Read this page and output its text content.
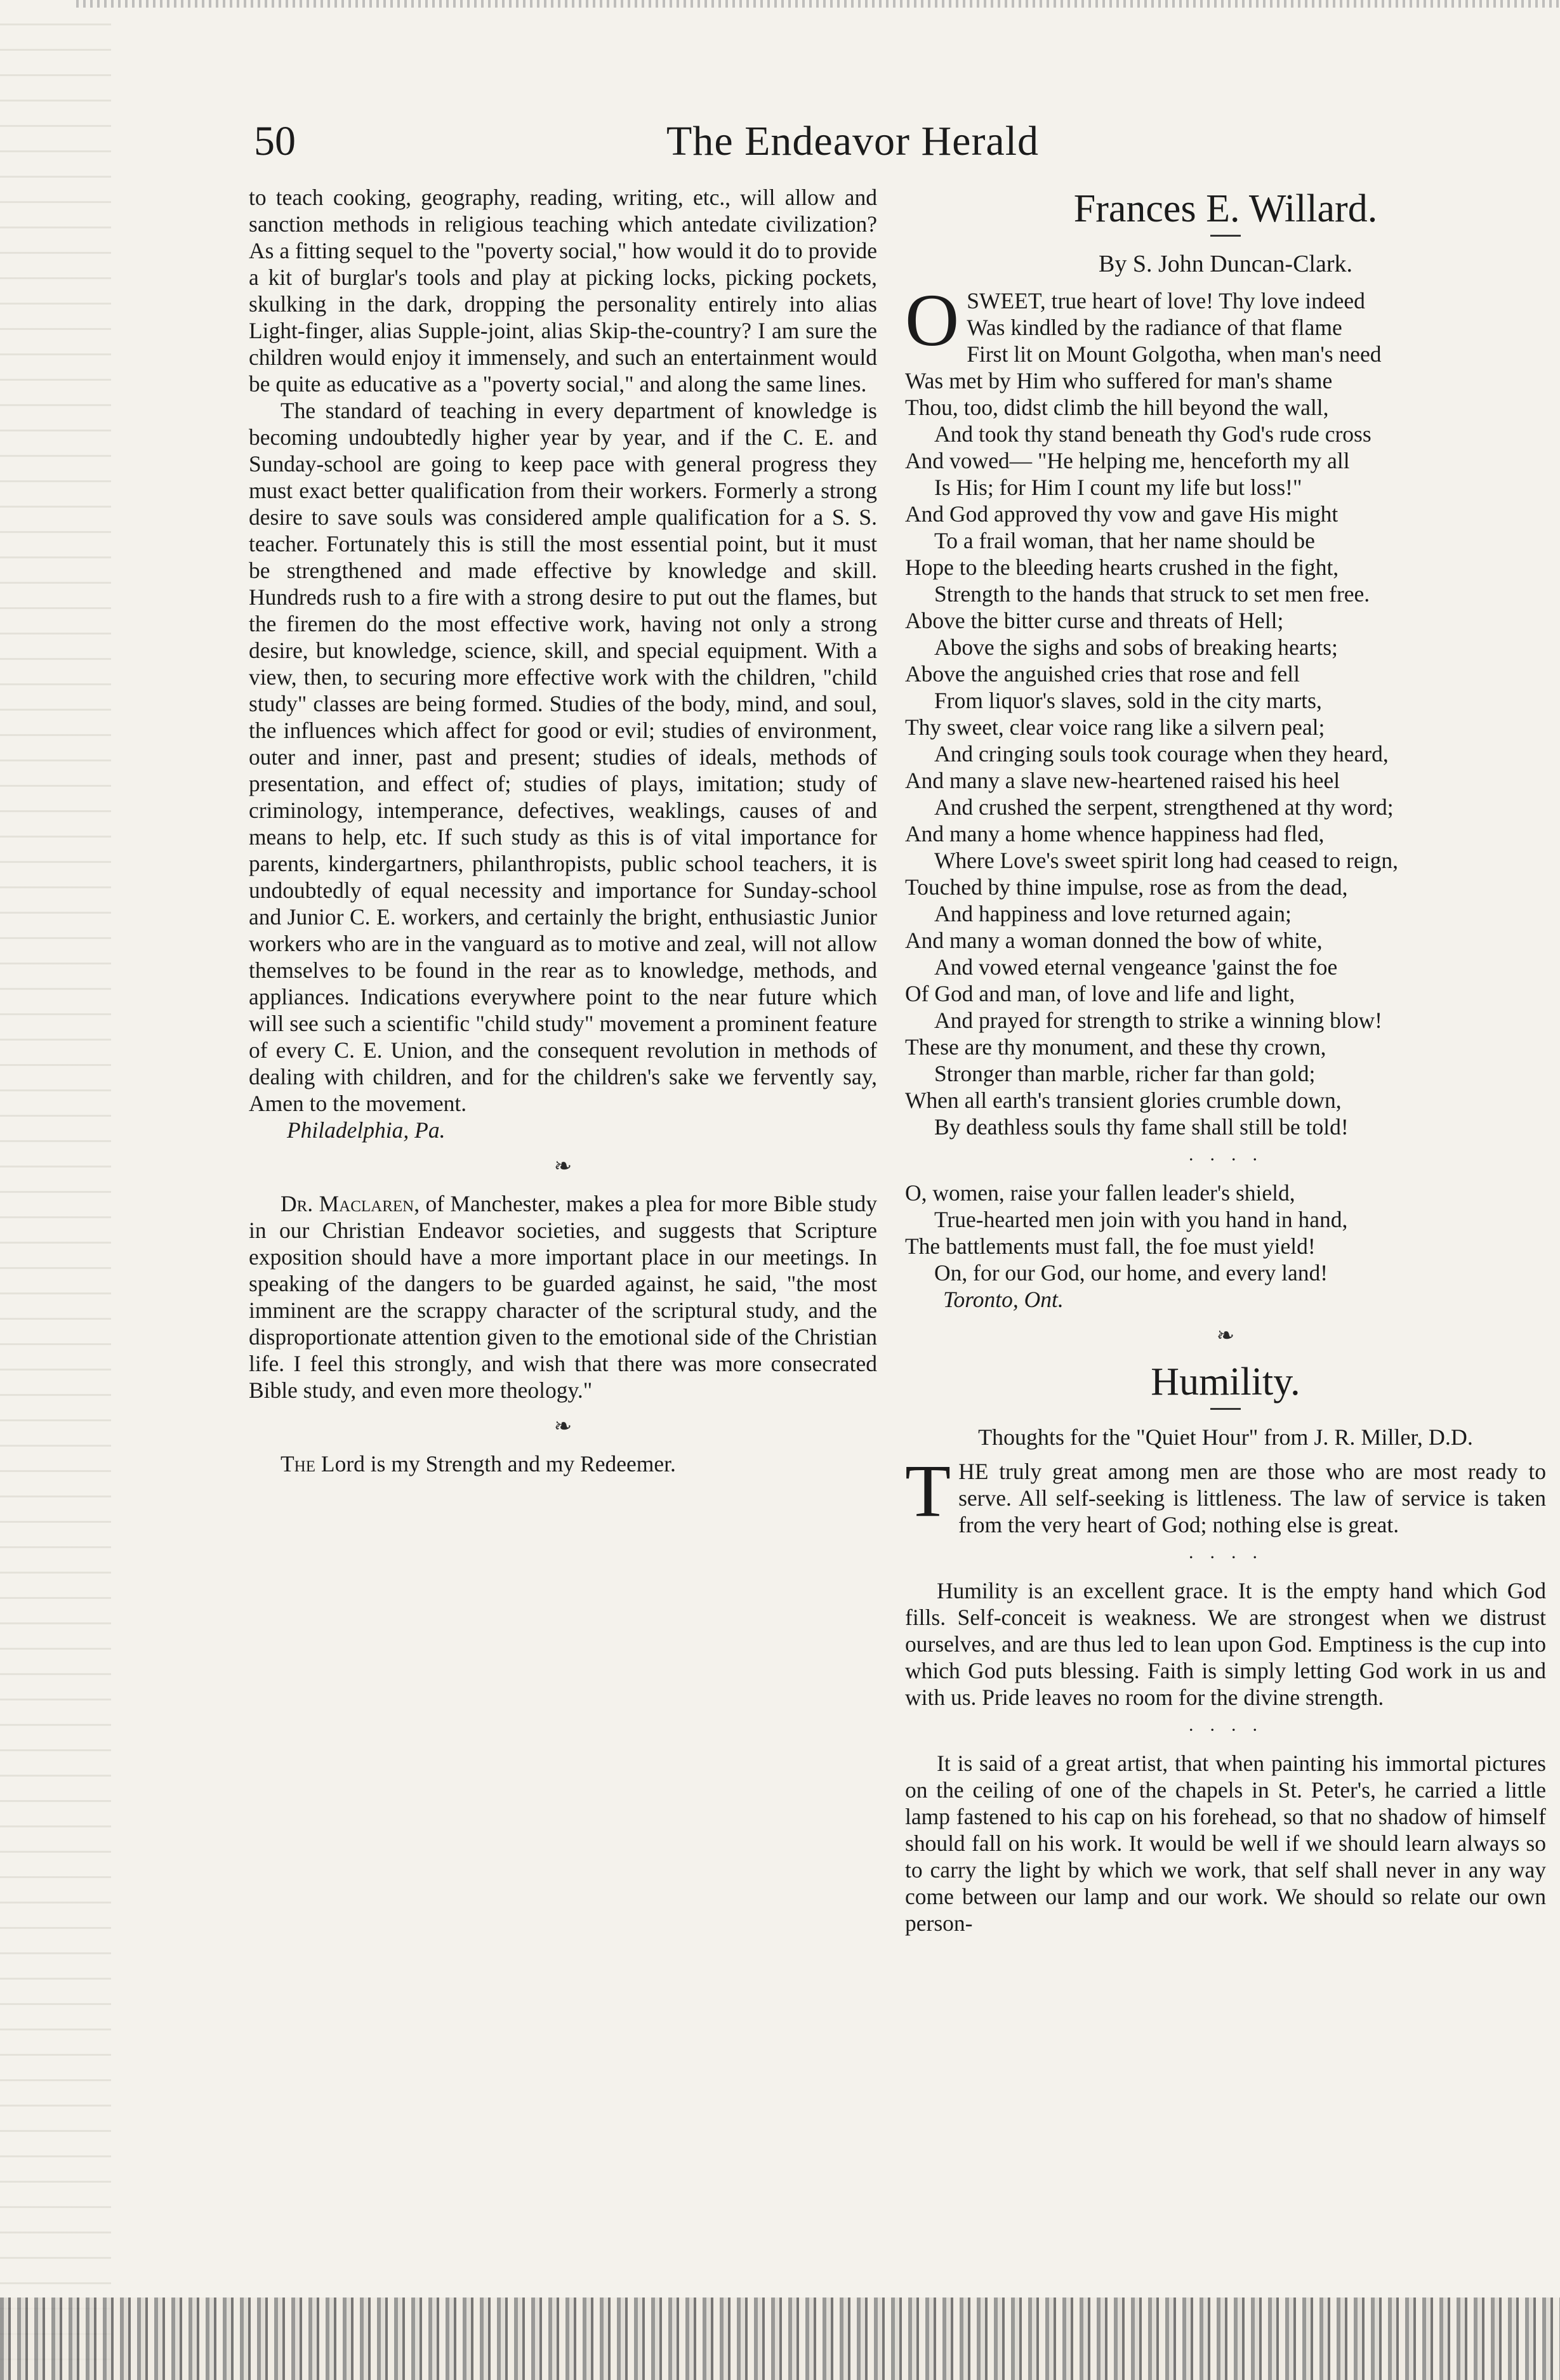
50	The Endeavor Herald

to teach cooking, geography, reading, writing, etc., will allow and sanction methods in religious teaching which antedate civilization? As a fitting sequel to the "poverty social," how would it do to provide a kit of burglar's tools and play at picking locks, picking pockets, skulking in the dark, dropping the personality entirely into alias Light-finger, alias Supple-joint, alias Skip-the-country? I am sure the children would enjoy it immensely, and such an entertainment would be quite as educative as a "poverty social," and along the same lines.

The standard of teaching in every department of knowledge is becoming undoubtedly higher year by year, and if the C. E. and Sunday-school are going to keep pace with general progress they must exact better qualification from their workers. Formerly a strong desire to save souls was considered ample qualification for a S. S. teacher. Fortunately this is still the most essential point, but it must be strengthened and made effective by knowledge and skill. Hundreds rush to a fire with a strong desire to put out the flames, but the firemen do the most effective work, having not only a strong desire, but knowledge, science, skill, and special equipment. With a view, then, to securing more effective work with the children, "child study" classes are being formed. Studies of the body, mind, and soul, the influences which affect for good or evil; studies of environment, outer and inner, past and present; studies of ideals, methods of presentation, and effect of; studies of plays, imitation; study of criminology, intemperance, defectives, weaklings, causes of and means to help, etc. If such study as this is of vital importance for parents, kindergartners, philanthropists, public school teachers, it is undoubtedly of equal necessity and importance for Sunday-school and Junior C. E. workers, and certainly the bright, enthusiastic Junior workers who are in the vanguard as to motive and zeal, will not allow themselves to be found in the rear as to knowledge, methods, and appliances. Indications everywhere point to the near future which will see such a scientific "child study" movement a prominent feature of every C. E. Union, and the consequent revolution in methods of dealing with children, and for the children's sake we fervently say, Amen to the movement.

Philadelphia, Pa.

❧

Dr. Maclaren, of Manchester, makes a plea for more Bible study in our Christian Endeavor societies, and suggests that Scripture exposition should have a more important place in our meetings. In speaking of the dangers to be guarded against, he said, "the most imminent are the scrappy character of the scriptural study, and the disproportionate attention given to the emotional side of the Christian life. I feel this strongly, and wish that there was more consecrated Bible study, and even more theology."

❧

The Lord is my Strength and my Redeemer.

Frances E. Willard.
By S. John Duncan-Clark.
O SWEET, true heart of love! Thy love indeed
Was kindled by the radiance of that flame
First lit on Mount Golgotha, when man's need
Was met by Him who suffered for man's shame
Thou, too, didst climb the hill beyond the wall,
And took thy stand beneath thy God's rude cross
And vowed— "He helping me, henceforth my all
Is His; for Him I count my life but loss!"
And God approved thy vow and gave His might
To a frail woman, that her name should be
Hope to the bleeding hearts crushed in the fight,
Strength to the hands that struck to set men free.
Above the bitter curse and threats of Hell;
Above the sighs and sobs of breaking hearts;
Above the anguished cries that rose and fell
From liquor's slaves, sold in the city marts,
Thy sweet, clear voice rang like a silvern peal;
And cringing souls took courage when they heard,
And many a slave new-heartened raised his heel
And crushed the serpent, strengthened at thy word;
And many a home whence happiness had fled,
Where Love's sweet spirit long had ceased to reign,
Touched by thine impulse, rose as from the dead,
And happiness and love returned again;
And many a woman donned the bow of white,
And vowed eternal vengeance 'gainst the foe
Of God and man, of love and life and light,
And prayed for strength to strike a winning blow!
These are thy monument, and these thy crown,
Stronger than marble, richer far than gold;
When all earth's transient glories crumble down,
By deathless souls thy fame shall still be told!
· · · ·
O, women, raise your fallen leader's shield,
True-hearted men join with you hand in hand,
The battlements must fall, the foe must yield!
On, for our God, our home, and every land!

Toronto, Ont.

❧
Humility.
Thoughts for the "Quiet Hour" from J. R. Miller, D.D.
T HE truly great among men are those who are most ready to serve. All self-seeking is littleness. The law of service is taken from the very heart of God; nothing else is great.

· · · ·

Humility is an excellent grace. It is the empty hand which God fills. Self-conceit is weakness. We are strongest when we distrust ourselves, and are thus led to lean upon God. Emptiness is the cup into which God puts blessing. Faith is simply letting God work in us and with us. Pride leaves no room for the divine strength.

· · · ·

It is said of a great artist, that when painting his immortal pictures on the ceiling of one of the chapels in St. Peter's, he carried a little lamp fastened to his cap on his forehead, so that no shadow of himself should fall on his work. It would be well if we should learn always so to carry the light by which we work, that self shall never in any way come between our lamp and our work. We should so relate our own person-
